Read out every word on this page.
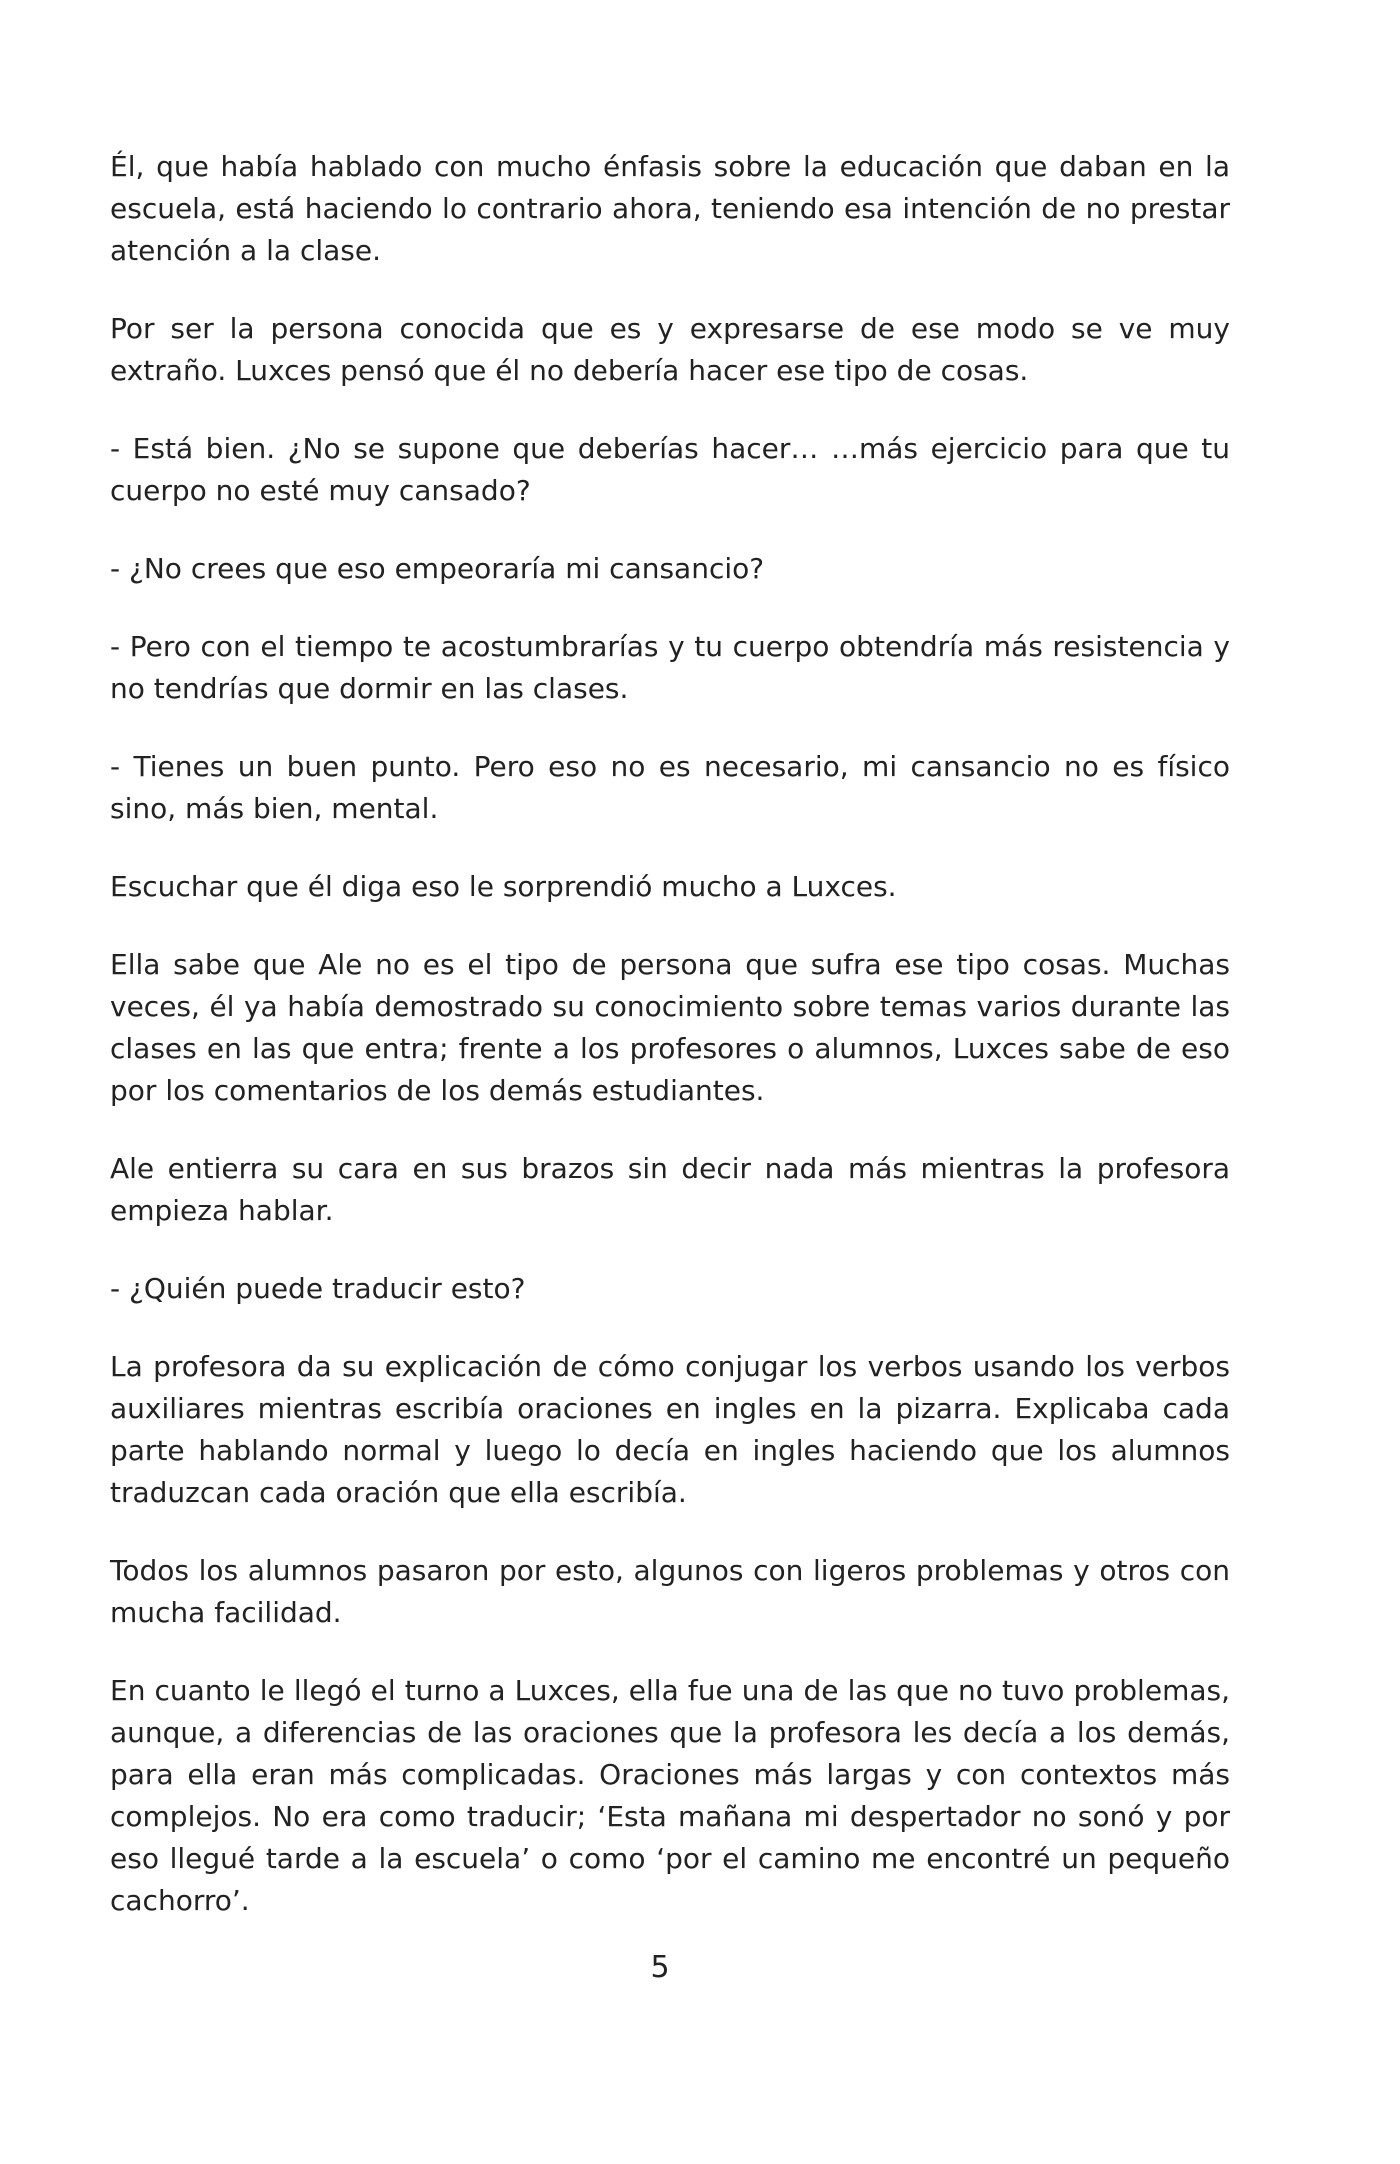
Él, que había hablado con mucho énfasis sobre la educación que daban en la escuela, está haciendo lo contrario ahora, teniendo esa intención de no prestar atención a la clase.

Por ser la persona conocida que es y expresarse de ese modo se ve muy extraño. Luxces pensó que él no debería hacer ese tipo de cosas.

- Está bien. ¿No se supone que deberías hacer… …más ejercicio para que tu cuerpo no esté muy cansado?

- ¿No crees que eso empeoraría mi cansancio?

- Pero con el tiempo te acostumbrarías y tu cuerpo obtendría más resistencia y no tendrías que dormir en las clases.

- Tienes un buen punto. Pero eso no es necesario, mi cansancio no es físico sino, más bien, mental.

Escuchar que él diga eso le sorprendió mucho a Luxces.

Ella sabe que Ale no es el tipo de persona que sufra ese tipo cosas. Muchas veces, él ya había demostrado su conocimiento sobre temas varios durante las clases en las que entra; frente a los profesores o alumnos, Luxces sabe de eso por los comentarios de los demás estudiantes.

Ale entierra su cara en sus brazos sin decir nada más mientras la profesora empieza hablar.

- ¿Quién puede traducir esto?

La profesora da su explicación de cómo conjugar los verbos usando los verbos auxiliares mientras escribía oraciones en ingles en la pizarra. Explicaba cada parte hablando normal y luego lo decía en ingles haciendo que los alumnos traduzcan cada oración que ella escribía.

Todos los alumnos pasaron por esto, algunos con ligeros problemas y otros con mucha facilidad.

En cuanto le llegó el turno a Luxces, ella fue una de las que no tuvo problemas, aunque, a diferencias de las oraciones que la profesora les decía a los demás, para ella eran más complicadas. Oraciones más largas y con contextos más complejos. No era como traducir; ‘Esta mañana mi despertador no sonó y por eso llegué tarde a la escuela’ o como ‘por el camino me encontré un pequeño cachorro’.

5
